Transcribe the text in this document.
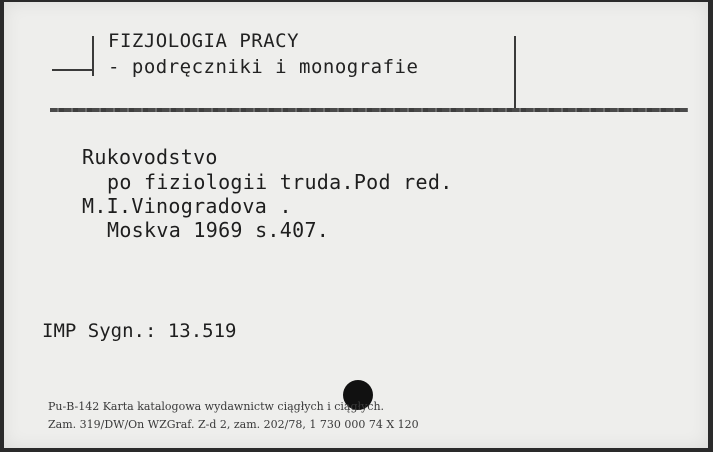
FIZJOLOGIA PRACY
- podręczniki i monografie
Rukovodstvo
po fiziologii truda.Pod red.
M.I.Vinogradova .
Moskva 1969 s.407.
IMP Sygn.: 13.519
Pu-B-142 Karta katalogowa wydawnictw ciągłych i ciągłych.
Zam. 319/DW/On WZGraf. Z-d 2, zam. 202/78, 1 730 000 74 X 120
